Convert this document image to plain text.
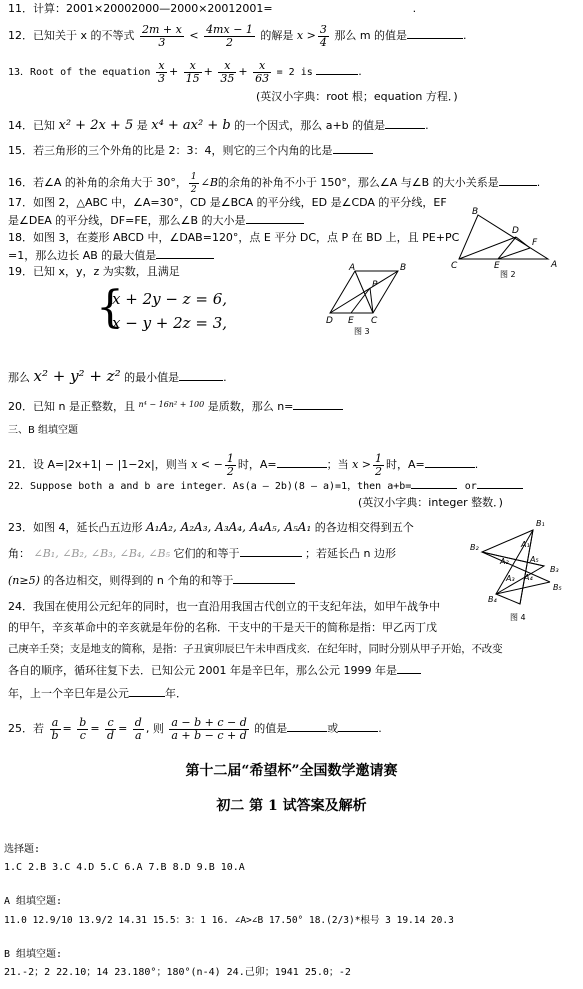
11．计算：2001×20002000—2000×20012001=	.
12．已知关于 x 的不等式 $\frac{2m + x}{3} < \frac{4mx - 1}{2}$ 的解是 $x > \frac{3}{4}$ 那么 m 的值是	.
13．Root of the equation $\frac{x}{3} + \frac{x}{15} + \frac{x}{35} + \frac{x}{63} = 2$ is	.
(英汉小字典：root 根；equation 方程．)
14．已知 x² + 2x + 5 是 x⁴ + ax² + b 的一个因式，那么 a+b 的值是	.
15．若三角形的三个外角的比是 2：3：4，则它的三个内角的比是
16．若∠A 的补角的余角大于 30°， $\frac{1}{2}$ ∠B的余角的补角不小于 150°，那么∠A 与∠B 的大小关系是	.
17．如图 2，△ABC 中，∠A=30°，CD 是∠BCA 的平分线，ED 是∠CDA 的平分线，EF
是∠DEA 的平分线，DF=FE，那么∠B 的大小是
18．如图 3，在菱形 ABCD 中，∠DAB=120°，点 E 平分 DC，点 P 在 BD 上，且 PE+PC
=1，那么边长 AB 的最大值是
B
D
F
C	E	A
图 2
19．已知 x，y，z 为实数，且满足
{
x + 2y − z = 6,
x − y + 2z = 3,
A	B
P
D E C
图 3
那么 x² + y² + z² 的最小值是	.
20．已知 n 是正整数，且 $^{n^4 - 16n^2 + 100}$ 是质数，那么 n=
三、B 组填空题
21．设 A=|2x+1| − |1−2x|，则当 x < − $\frac{1}{2}$ 时，A=	；当 $x > \frac{1}{2}$ 时，A=	.
22．Suppose both a and b are integer．As(a — 2b)(8 — a)=1，then a+b=	or
(英汉小字典：integer 整数．)
23．如图 4，延长凸五边形 A₁A₂, A₂A₃, A₃A₄, A₄A₅, A₅A₁ 的各边相交得到五个
角： ∠B₁, ∠B₂, ∠B₃, ∠B₄, ∠B₅ 它们的和等于	；若延长凸 n 边形
(n≥5) 的各边相交，则得到的 n 个角的和等于
B₁
B₂
B₃
B₄
B₅
A₁
A₂
A₃ A₄
A₅
图 4
24．我国在使用公元纪年的同时，也一直沿用我国古代创立的干支纪年法，如甲午战争中
的甲午，辛亥革命中的辛亥就是年份的名称．干支中的干是天干的简称是指：甲乙丙丁戊
己庚辛壬癸；支是地支的简称，是指：子丑寅卯辰巳午未申酉戌亥．在纪年时，同时分别从甲子开始，不改变
各自的顺序，循环往复下去．已知公元 2001 年是辛巳年，那么公元 1999 年是
年，上一个辛巳年是公元	年．
25．若 $\frac{a}{b} = \frac{b}{c} = \frac{c}{d} = \frac{d}{a}$ , 则 $\frac{a - b + c - d}{a + b - c + d}$ 的值是	或	.
第十二届“希望杯”全国数学邀请赛
初二 第 1 试答案及解析
选择题:
1.C 2.B 3.C 4.D 5.C 6.A 7.B 8.D 9.B 10.A
A 组填空题:
11.0 12.9/10 13.9/2 14.31 15.5：3：1 16. ∠A>∠B 17.50° 18.(2/3)*根号 3 19.14 20.3
B 组填空题:
21.-2；2 22.10；14 23.180°；180°(n-4) 24.己卯；1941 25.0；-2
